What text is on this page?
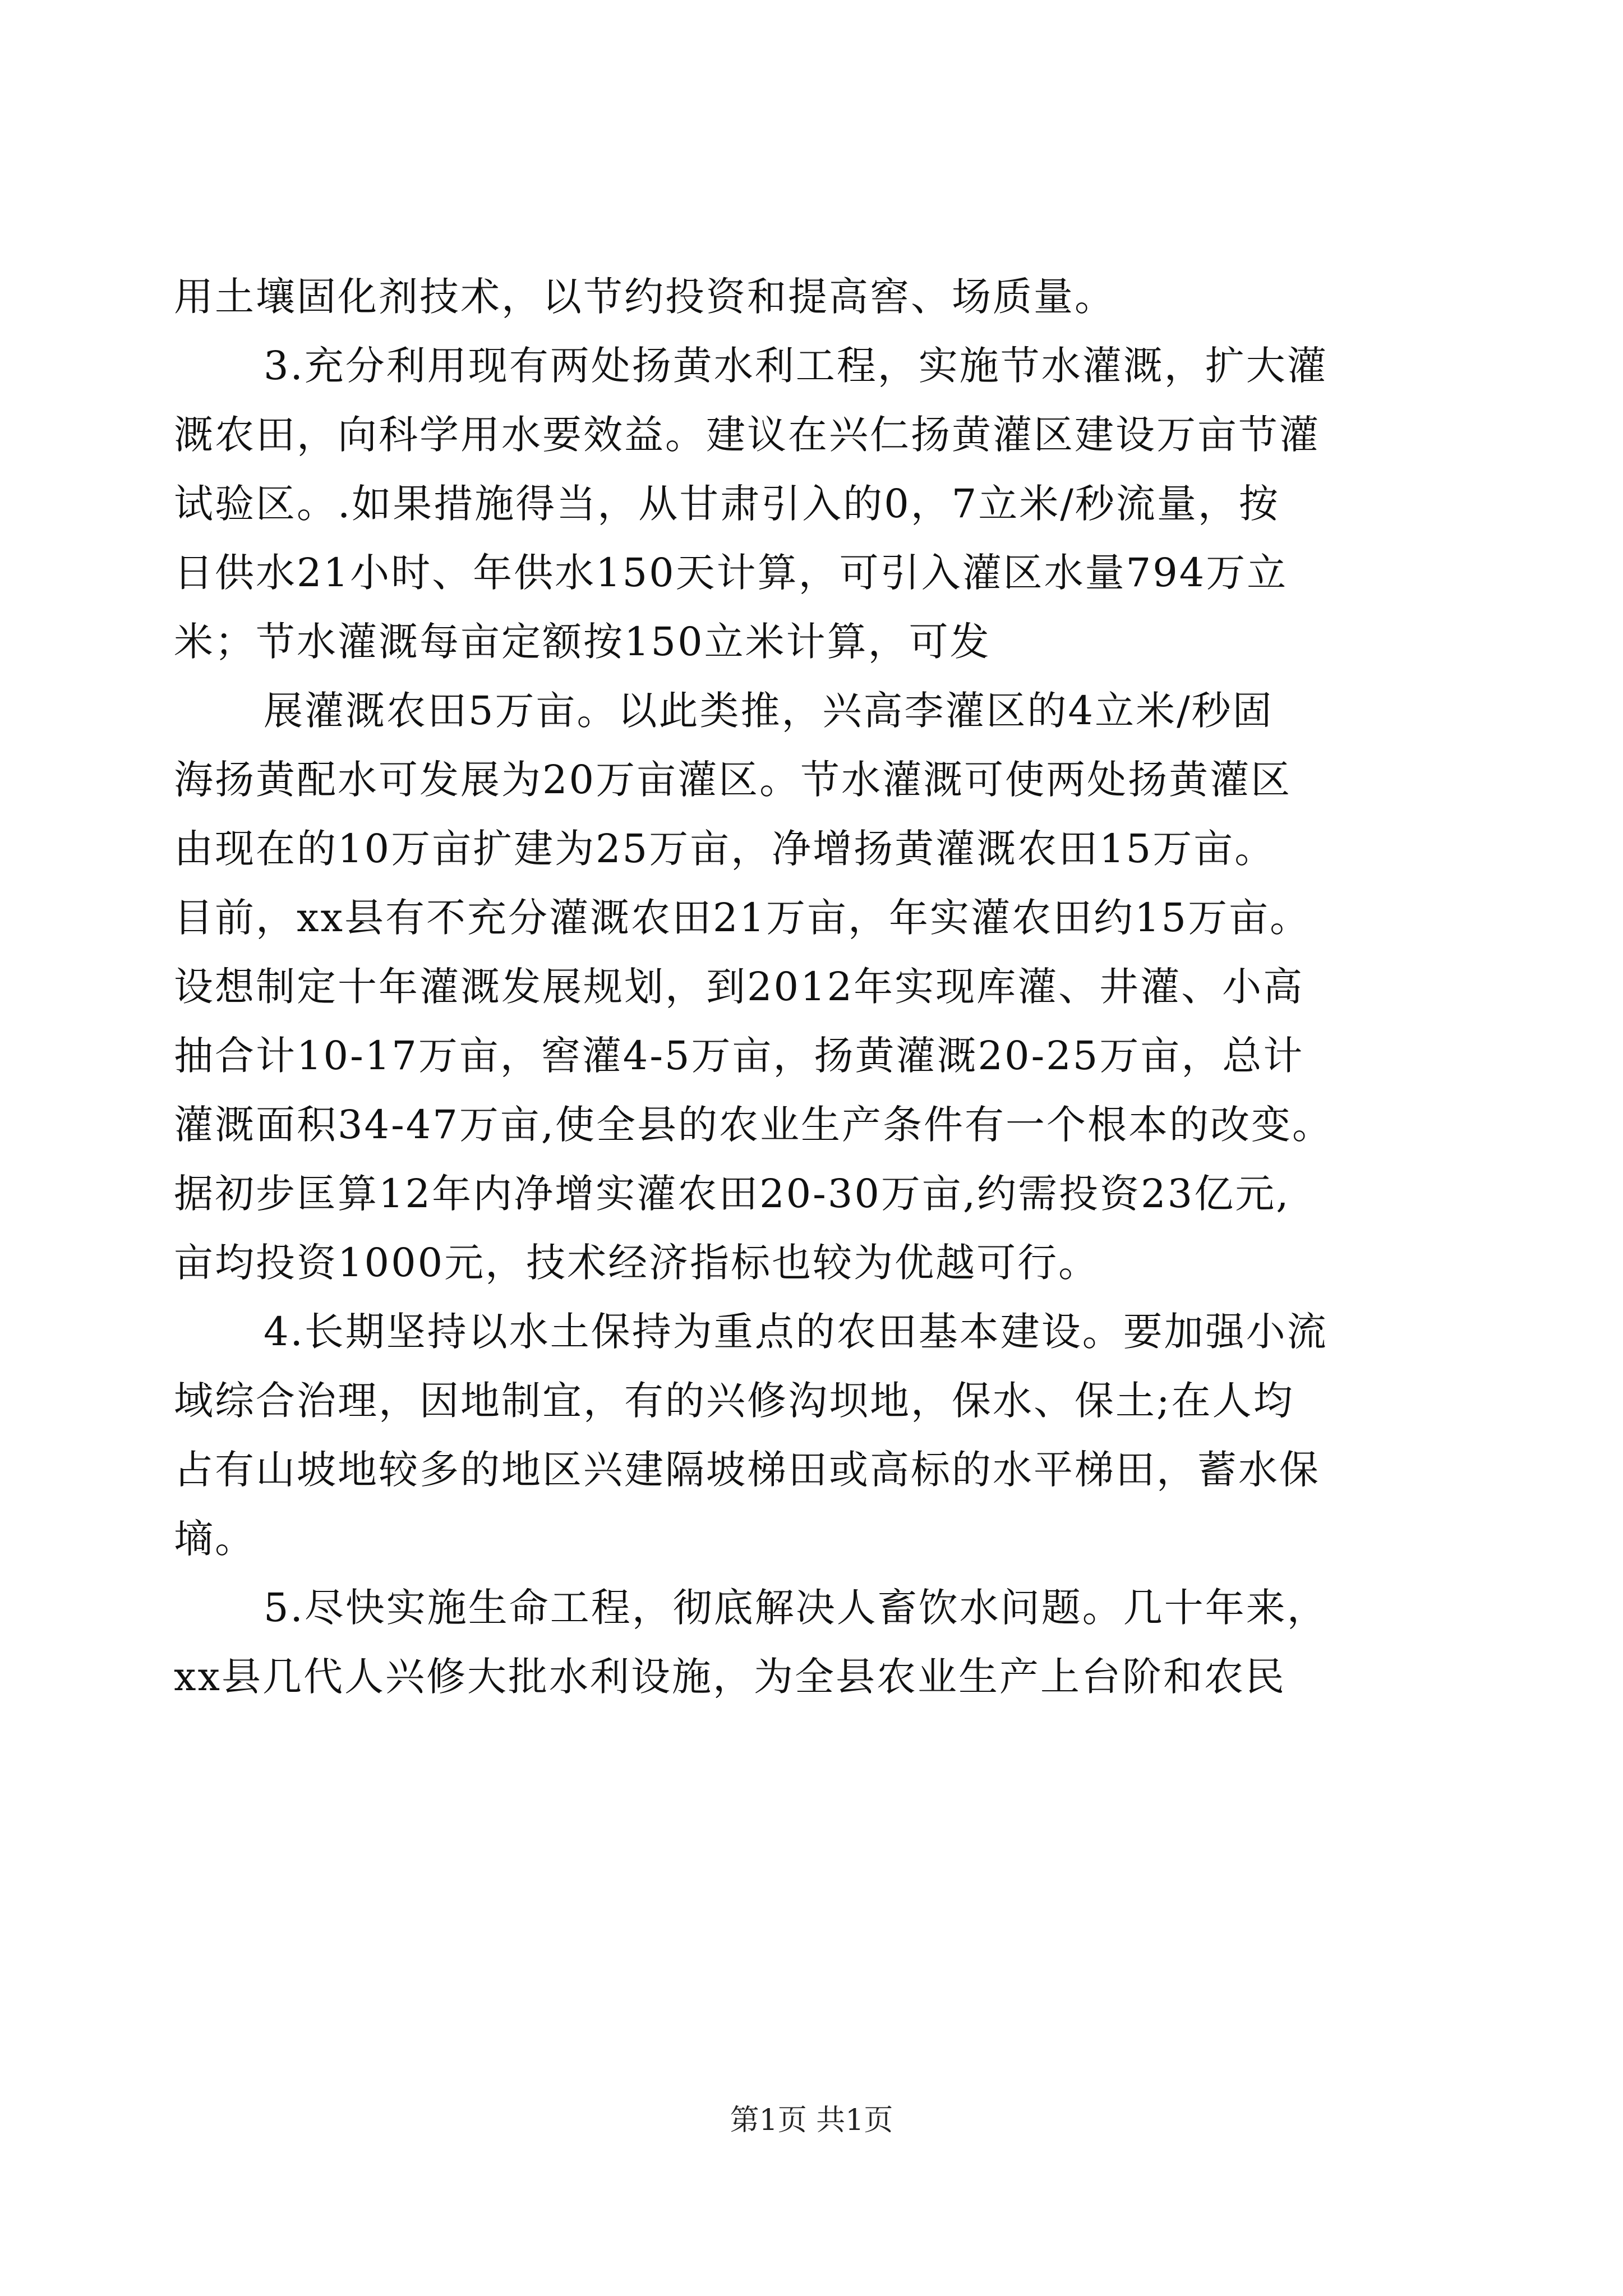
用土壤固化剂技术，以节约投资和提高窖、场质量。
3.充分利用现有两处扬黄水利工程，实施节水灌溉，扩大灌
溉农田，向科学用水要效益。建议在兴仁扬黄灌区建设万亩节灌
试验区。.如果措施得当，从甘肃引入的0，7立米/秒流量，按
日供水21小时、年供水150天计算，可引入灌区水量794万立
米；节水灌溉每亩定额按150立米计算，可发
展灌溉农田5万亩。以此类推，兴高李灌区的4立米/秒固
海扬黄配水可发展为20万亩灌区。节水灌溉可使两处扬黄灌区
由现在的10万亩扩建为25万亩，净增扬黄灌溉农田15万亩。
目前，xx县有不充分灌溉农田21万亩，年实灌农田约15万亩。
设想制定十年灌溉发展规划，到2012年实现库灌、井灌、小高
抽合计10-17万亩，窖灌4-5万亩，扬黄灌溉20-25万亩，总计
灌溉面积34-47万亩,使全县的农业生产条件有一个根本的改变。
据初步匡算12年内净增实灌农田20-30万亩,约需投资23亿元,
亩均投资1000元，技术经济指标也较为优越可行。
4.长期坚持以水土保持为重点的农田基本建设。要加强小流
域综合治理，因地制宜，有的兴修沟坝地，保水、保土;在人均
占有山坡地较多的地区兴建隔坡梯田或高标的水平梯田，蓄水保
墒。
5.尽快实施生命工程，彻底解决人畜饮水问题。几十年来，
xx县几代人兴修大批水利设施，为全县农业生产上台阶和农民
第1页 共1页
